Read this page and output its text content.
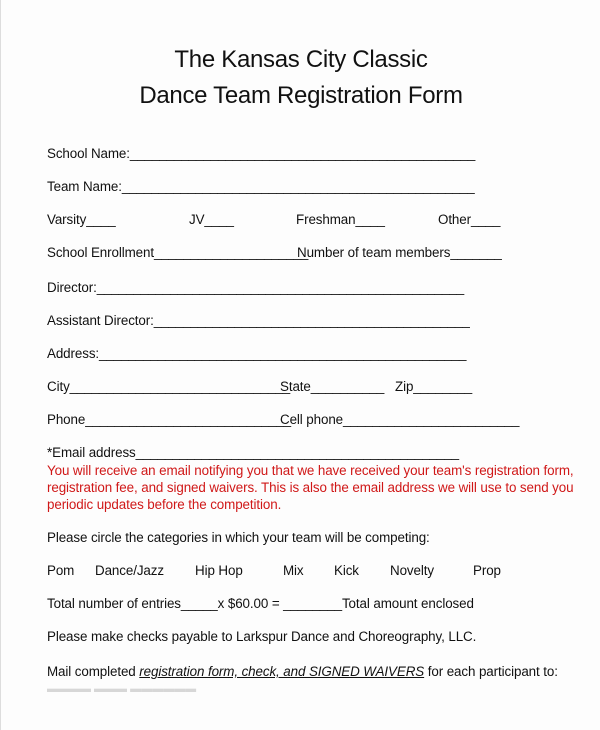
The Kansas City Classic
Dance Team Registration Form
School Name:_______________________________________________
Team Name:________________________________________________
Varsity____	JV____	Freshman____	Other____
School Enrollment_____________________
Number of team members_______
Director:__________________________________________________
Assistant Director:___________________________________________
Address:__________________________________________________
City______________________________
State__________ Zip________
Phone____________________________
Cell phone________________________
*Email address____________________________________________
You will receive an email notifying you that we have received your team's registration form,
registration fee, and signed waivers. This is also the email address we will use to send you
periodic updates before the competition.
Please circle the categories in which your team will be competing:
Pom Dance/Jazz Hip Hop	Mix Kick Novelty	Prop
Total number of entries_____x $60.00 = ________Total amount enclosed
Please make checks payable to Larkspur Dance and Choreography, LLC.
Mail completed registration form, check, and SIGNED WAIVERS for each participant to:
▬▬▬▬ ▬▬▬ ▬▬▬▬▬▬
